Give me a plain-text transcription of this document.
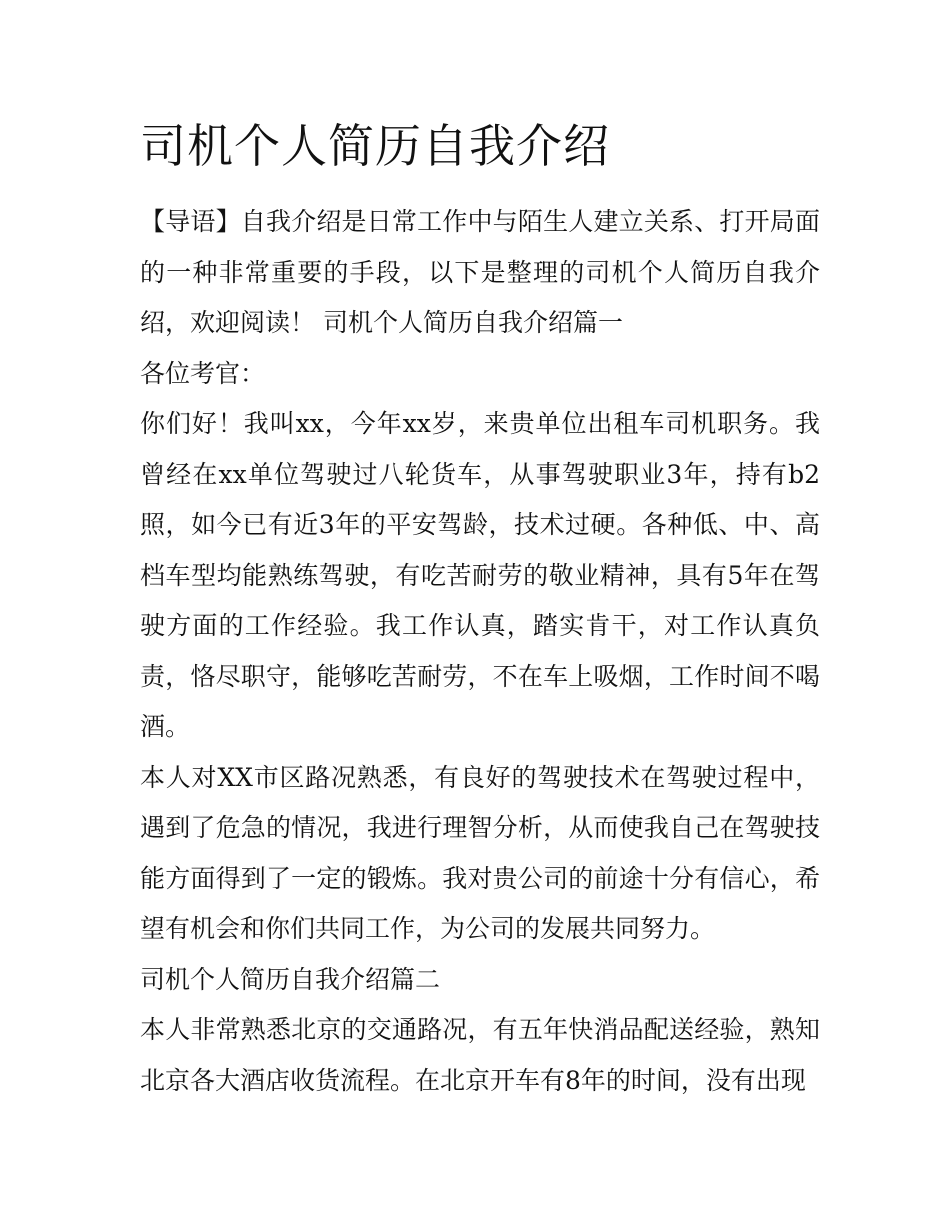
司机个人简历自我介绍

【导语】自我介绍是日常工作中与陌生人建立关系、打开局面的一种非常重要的手段，以下是整理的司机个人简历自我介绍，欢迎阅读！ 司机个人简历自我介绍篇一

各位考官：

你们好！我叫xx，今年xx岁，来贵单位出租车司机职务。我曾经在xx单位驾驶过八轮货车，从事驾驶职业3年，持有b2照，如今已有近3年的平安驾龄，技术过硬。各种低、中、高档车型均能熟练驾驶，有吃苦耐劳的敬业精神，具有5年在驾驶方面的工作经验。我工作认真，踏实肯干，对工作认真负责，恪尽职守，能够吃苦耐劳，不在车上吸烟，工作时间不喝酒。

本人对XX市区路况熟悉，有良好的驾驶技术在驾驶过程中，遇到了危急的情况，我进行理智分析，从而使我自己在驾驶技能方面得到了一定的锻炼。我对贵公司的前途十分有信心，希望有机会和你们共同工作，为公司的发展共同努力。

司机个人简历自我介绍篇二

本人非常熟悉北京的交通路况，有五年快消品配送经验，熟知北京各大酒店收货流程。在北京开车有8年的时间，没有出现
